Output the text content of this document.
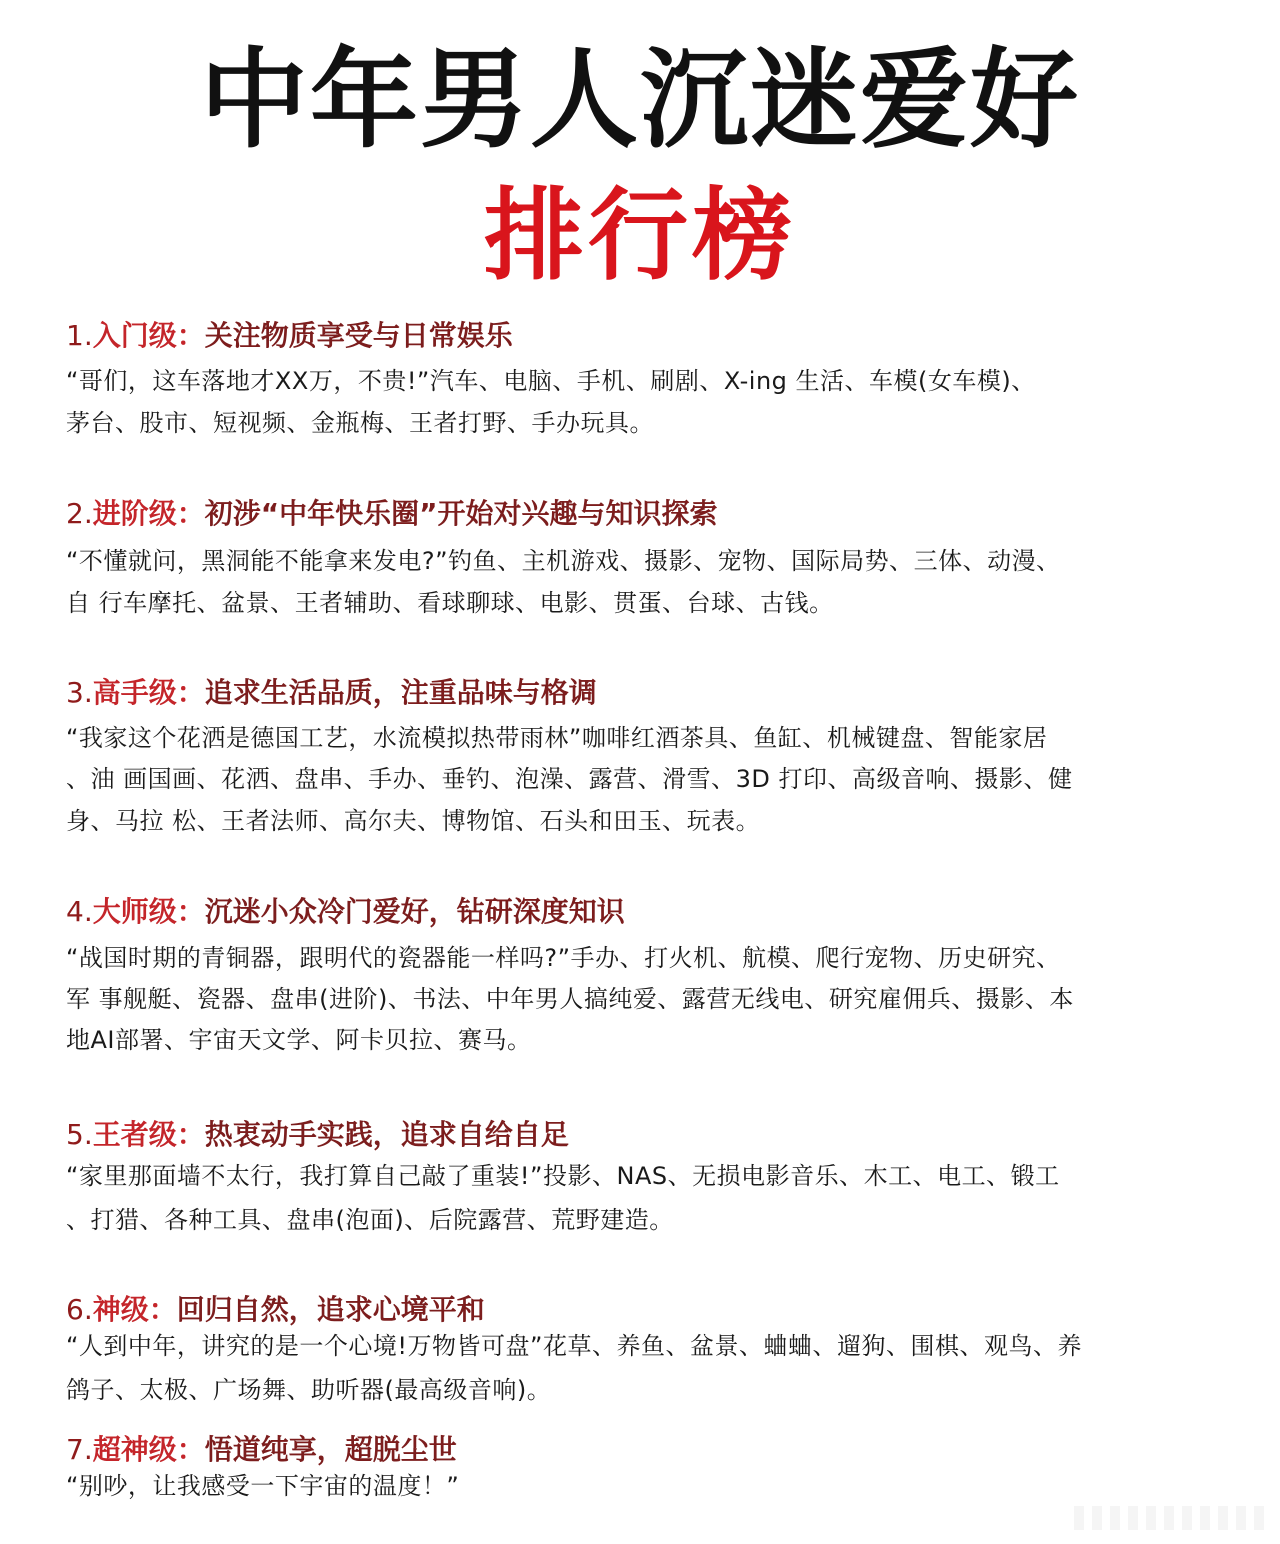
中年男人沉迷爱好
排行榜
1.入门级：关注物质享受与日常娱乐
“哥们，这车落地才XX万，不贵!”汽车、电脑、手机、刷剧、X-ing 生活、车模(女车模)、
茅台、股市、短视频、金瓶梅、王者打野、手办玩具。
2.进阶级：初涉“中年快乐圈”开始对兴趣与知识探索
“不懂就问，黑洞能不能拿来发电?”钓鱼、主机游戏、摄影、宠物、国际局势、三体、动漫、
自 行车摩托、盆景、王者辅助、看球聊球、电影、贯蛋、台球、古钱。
3.高手级：追求生活品质，注重品味与格调
“我家这个花洒是德国工艺，水流模拟热带雨林”咖啡红酒茶具、鱼缸、机械键盘、智能家居
、油 画国画、花洒、盘串、手办、垂钓、泡澡、露营、滑雪、3D 打印、高级音响、摄影、健
身、马拉 松、王者法师、高尔夫、博物馆、石头和田玉、玩表。
4.大师级：沉迷小众冷门爱好，钻研深度知识
“战国时期的青铜器，跟明代的瓷器能一样吗?”手办、打火机、航模、爬行宠物、历史研究、
军 事舰艇、瓷器、盘串(进阶)、书法、中年男人搞纯爱、露营无线电、研究雇佣兵、摄影、本
地AI部署、宇宙天文学、阿卡贝拉、赛马。
5.王者级：热衷动手实践，追求自给自足
“家里那面墙不太行，我打算自己敲了重装!”投影、NAS、无损电影音乐、木工、电工、锻工
、打猎、各种工具、盘串(泡面)、后院露营、荒野建造。
6.神级：回归自然，追求心境平和
“人到中年，讲究的是一个心境!万物皆可盘”花草、养鱼、盆景、蛐蛐、遛狗、围棋、观鸟、养
鸽子、太极、广场舞、助听器(最高级音响)。
7.超神级：悟道纯享，超脱尘世
“别吵，让我感受一下宇宙的温度！”
